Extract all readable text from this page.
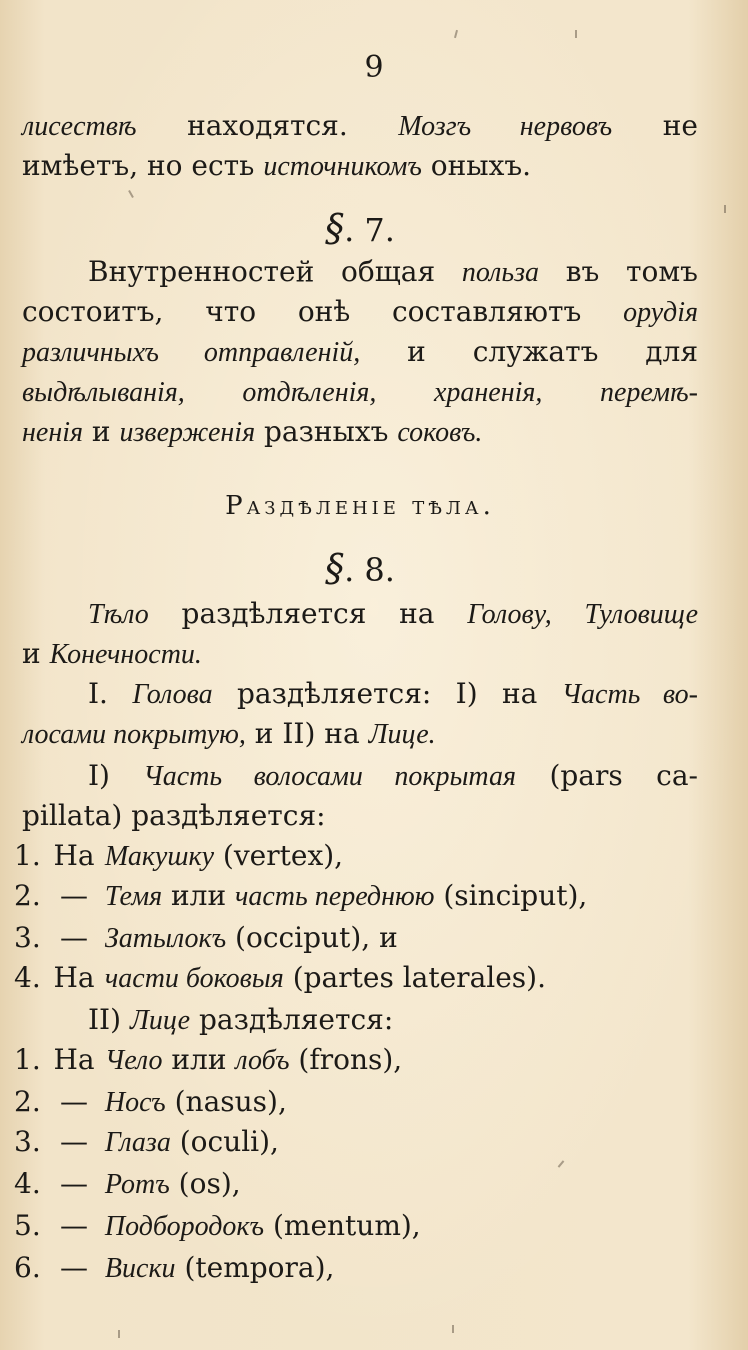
9
лиcecтвѣ находятся. Мозгъ нервовъ не
имѣетъ, но есть источникомъ оныхъ.
§. 7.
Внутренностей общая польза въ томъ
состоитъ, что онѣ составляютъ орудія
различныхъ отправленій, и служатъ для
выдѣлыванія, отдѣленія, храненія, перемѣ-
ненія и изверженія разныхъ соковъ.
Раздѣленіе тѣла.
§. 8.
Тѣло раздѣляется на Голову, Туловище
и Конечности.
I. Голова раздѣляется: I) на Часть во-
лосами покрытую, и II) на Лице.
I) Часть волосами покрытая (pars ca-
pillata) раздѣляется:
1. На Макушку (vertex),
2. — Темя или часть переднюю (sinciput),
3. — Затылокъ (occiput), и
4. На части боковыя (partes laterales).
II) Лице раздѣляется:
1. На Чело или лобъ (frons),
2. — Носъ (nasus),
3. — Глаза (oculi),
4. — Ротъ (os),
5. — Подбородокъ (mentum),
6. — Виски (tempora),
